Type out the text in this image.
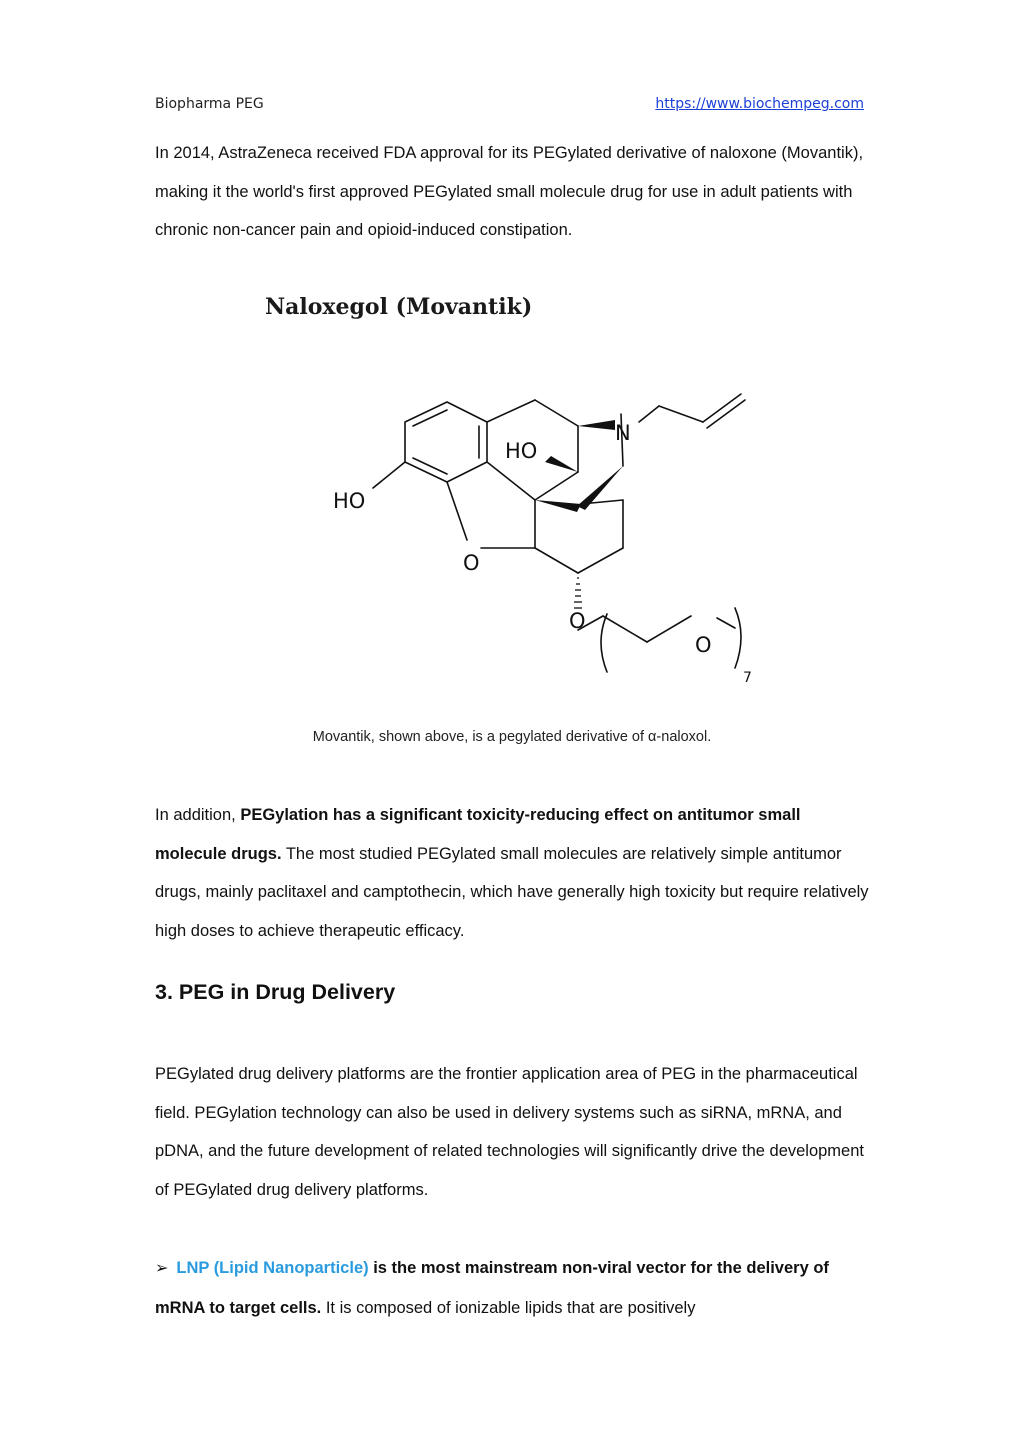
Biopharma PEG	https://www.biochempeg.com

In 2014, AstraZeneca received FDA approval for its PEGylated derivative of naloxone (Movantik), making it the world's first approved PEGylated small molecule drug for use in adult patients with chronic non-cancer pain and opioid-induced constipation.

Naloxegol (Movantik)
HO
HO
N
O
O
O
7
Movantik, shown above, is a pegylated derivative of α-naloxol.

In addition, PEGylation has a significant toxicity-reducing effect on antitumor small molecule drugs. The most studied PEGylated small molecules are relatively simple antitumor drugs, mainly paclitaxel and camptothecin, which have generally high toxicity but require relatively high doses to achieve therapeutic efficacy.

3. PEG in Drug Delivery

PEGylated drug delivery platforms are the frontier application area of PEG in the pharmaceutical field. PEGylation technology can also be used in delivery systems such as siRNA, mRNA, and pDNA, and the future development of related technologies will significantly drive the development of PEGylated drug delivery platforms.

➢ LNP (Lipid Nanoparticle) is the most mainstream non-viral vector for the delivery of mRNA to target cells. It is composed of ionizable lipids that are positively
